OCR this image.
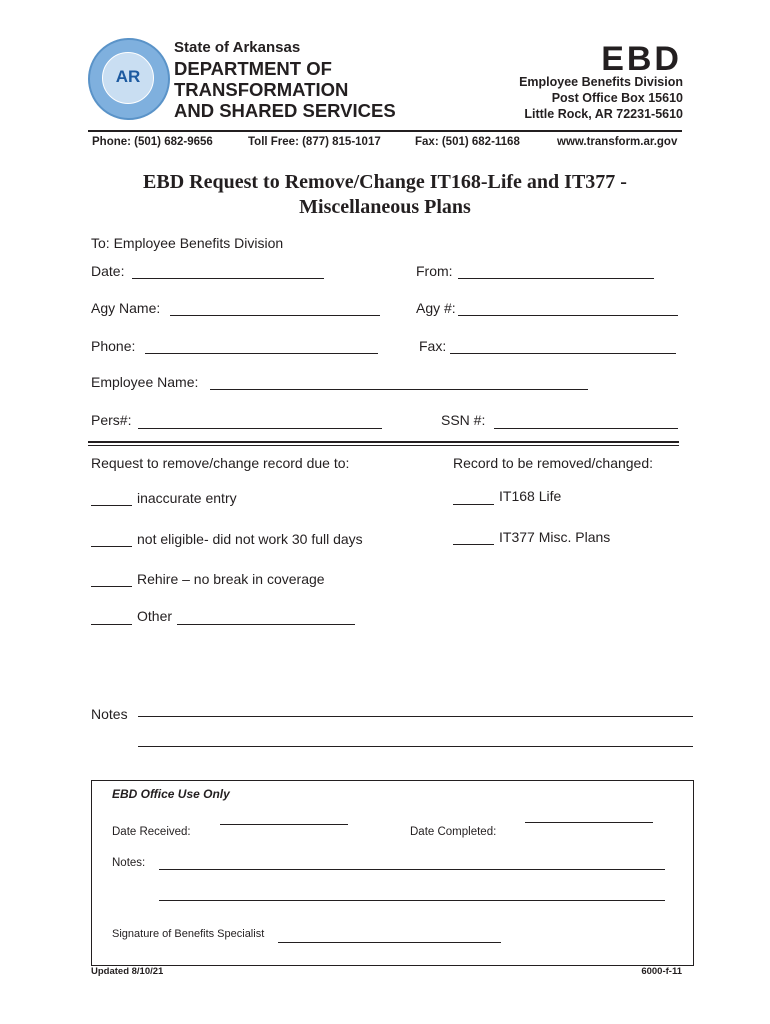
AR
State of Arkansas
DEPARTMENT OF
TRANSFORMATION
AND SHARED SERVICES
EBD
Employee Benefits Division
Post Office Box 15610
Little Rock, AR 72231-5610
Phone: (501) 682-9656	Toll Free: (877) 815-1017	Fax: (501) 682-1168	www.transform.ar.gov
EBD Request to Remove/Change IT168-Life and IT377 -
Miscellaneous Plans
To: Employee Benefits Division
Date:	From:
Agy Name:	Agy #:
Phone:	Fax:
Employee Name:
Pers#:	SSN #:
Request to remove/change record due to:	Record to be removed/changed:
inaccurate entry
not eligible- did not work 30 full days
Rehire – no break in coverage
Other
IT168 Life
IT377 Misc. Plans
Notes
EBD Office Use Only
Date Received:	Date Completed:
Notes:
Signature of Benefits Specialist
Updated 8/10/21	6000-f-11
